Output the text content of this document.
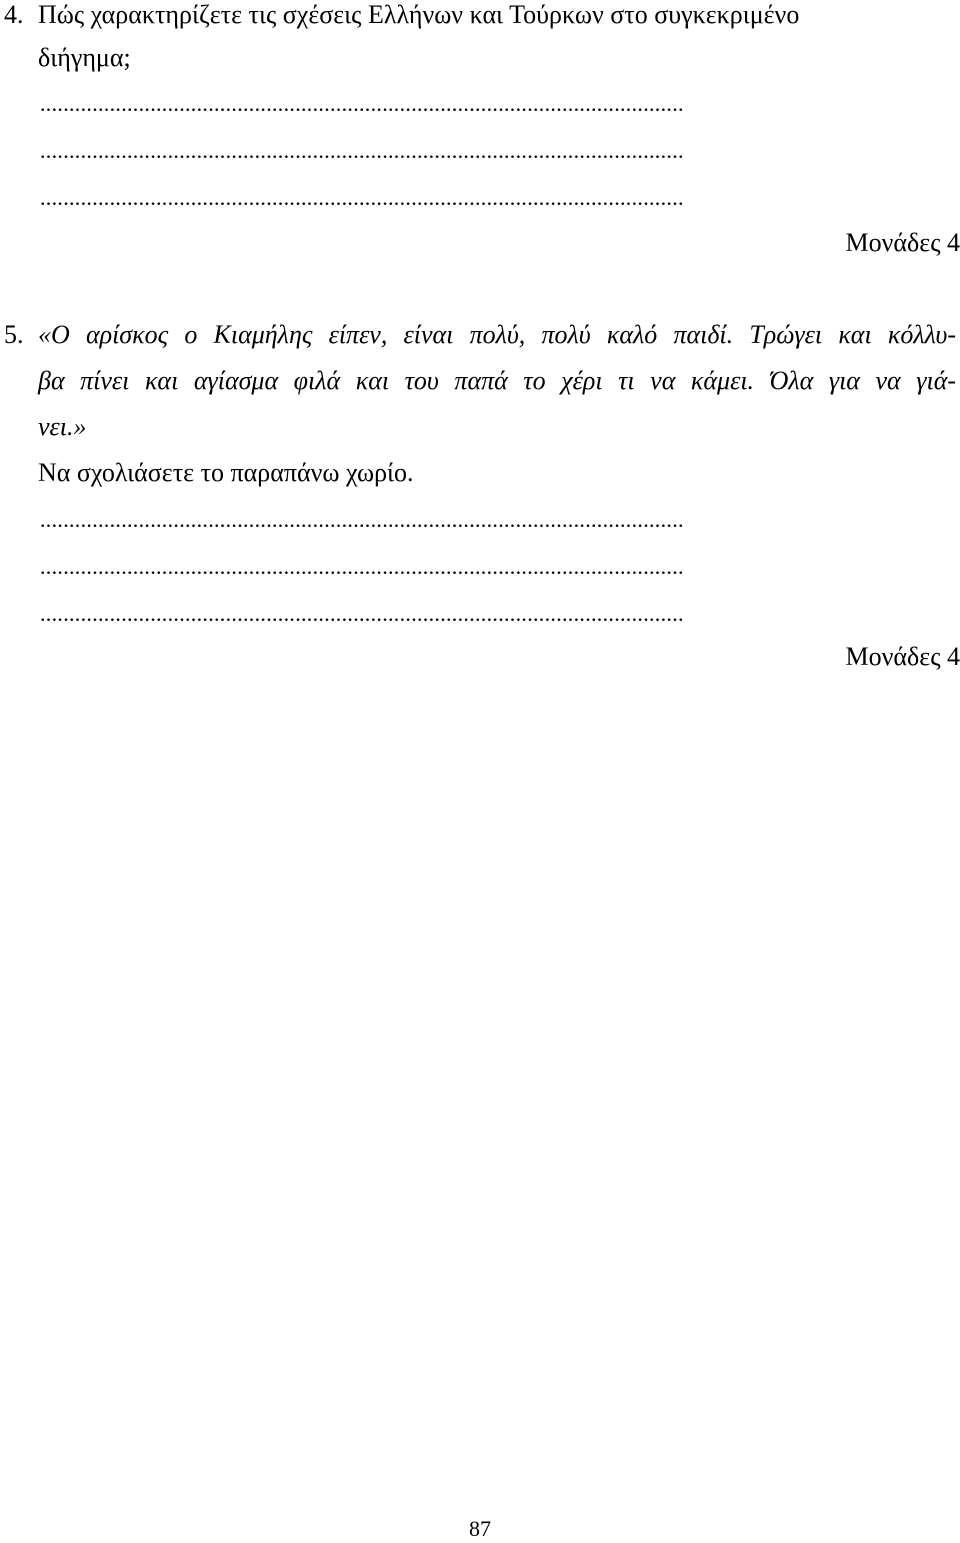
4. Πώς χαρακτηρίζετε τις σχέσεις Ελλήνων και Τούρκων στο συγκεκριμένο
διήγημα;
...............................................................................................................
...............................................................................................................
...............................................................................................................
Μονάδες 4
5. «Ο αρίσκος ο Κιαμήλης είπεν, είναι πολύ, πολύ καλό παιδί. Τρώγει και κόλλυ-
βα πίνει και αγίασμα φιλά και του παπά το χέρι τι να κάμει. Όλα για να γιά-
νει.»
Να σχολιάσετε το παραπάνω χωρίο.
...............................................................................................................
...............................................................................................................
...............................................................................................................
Μονάδες 4
87
